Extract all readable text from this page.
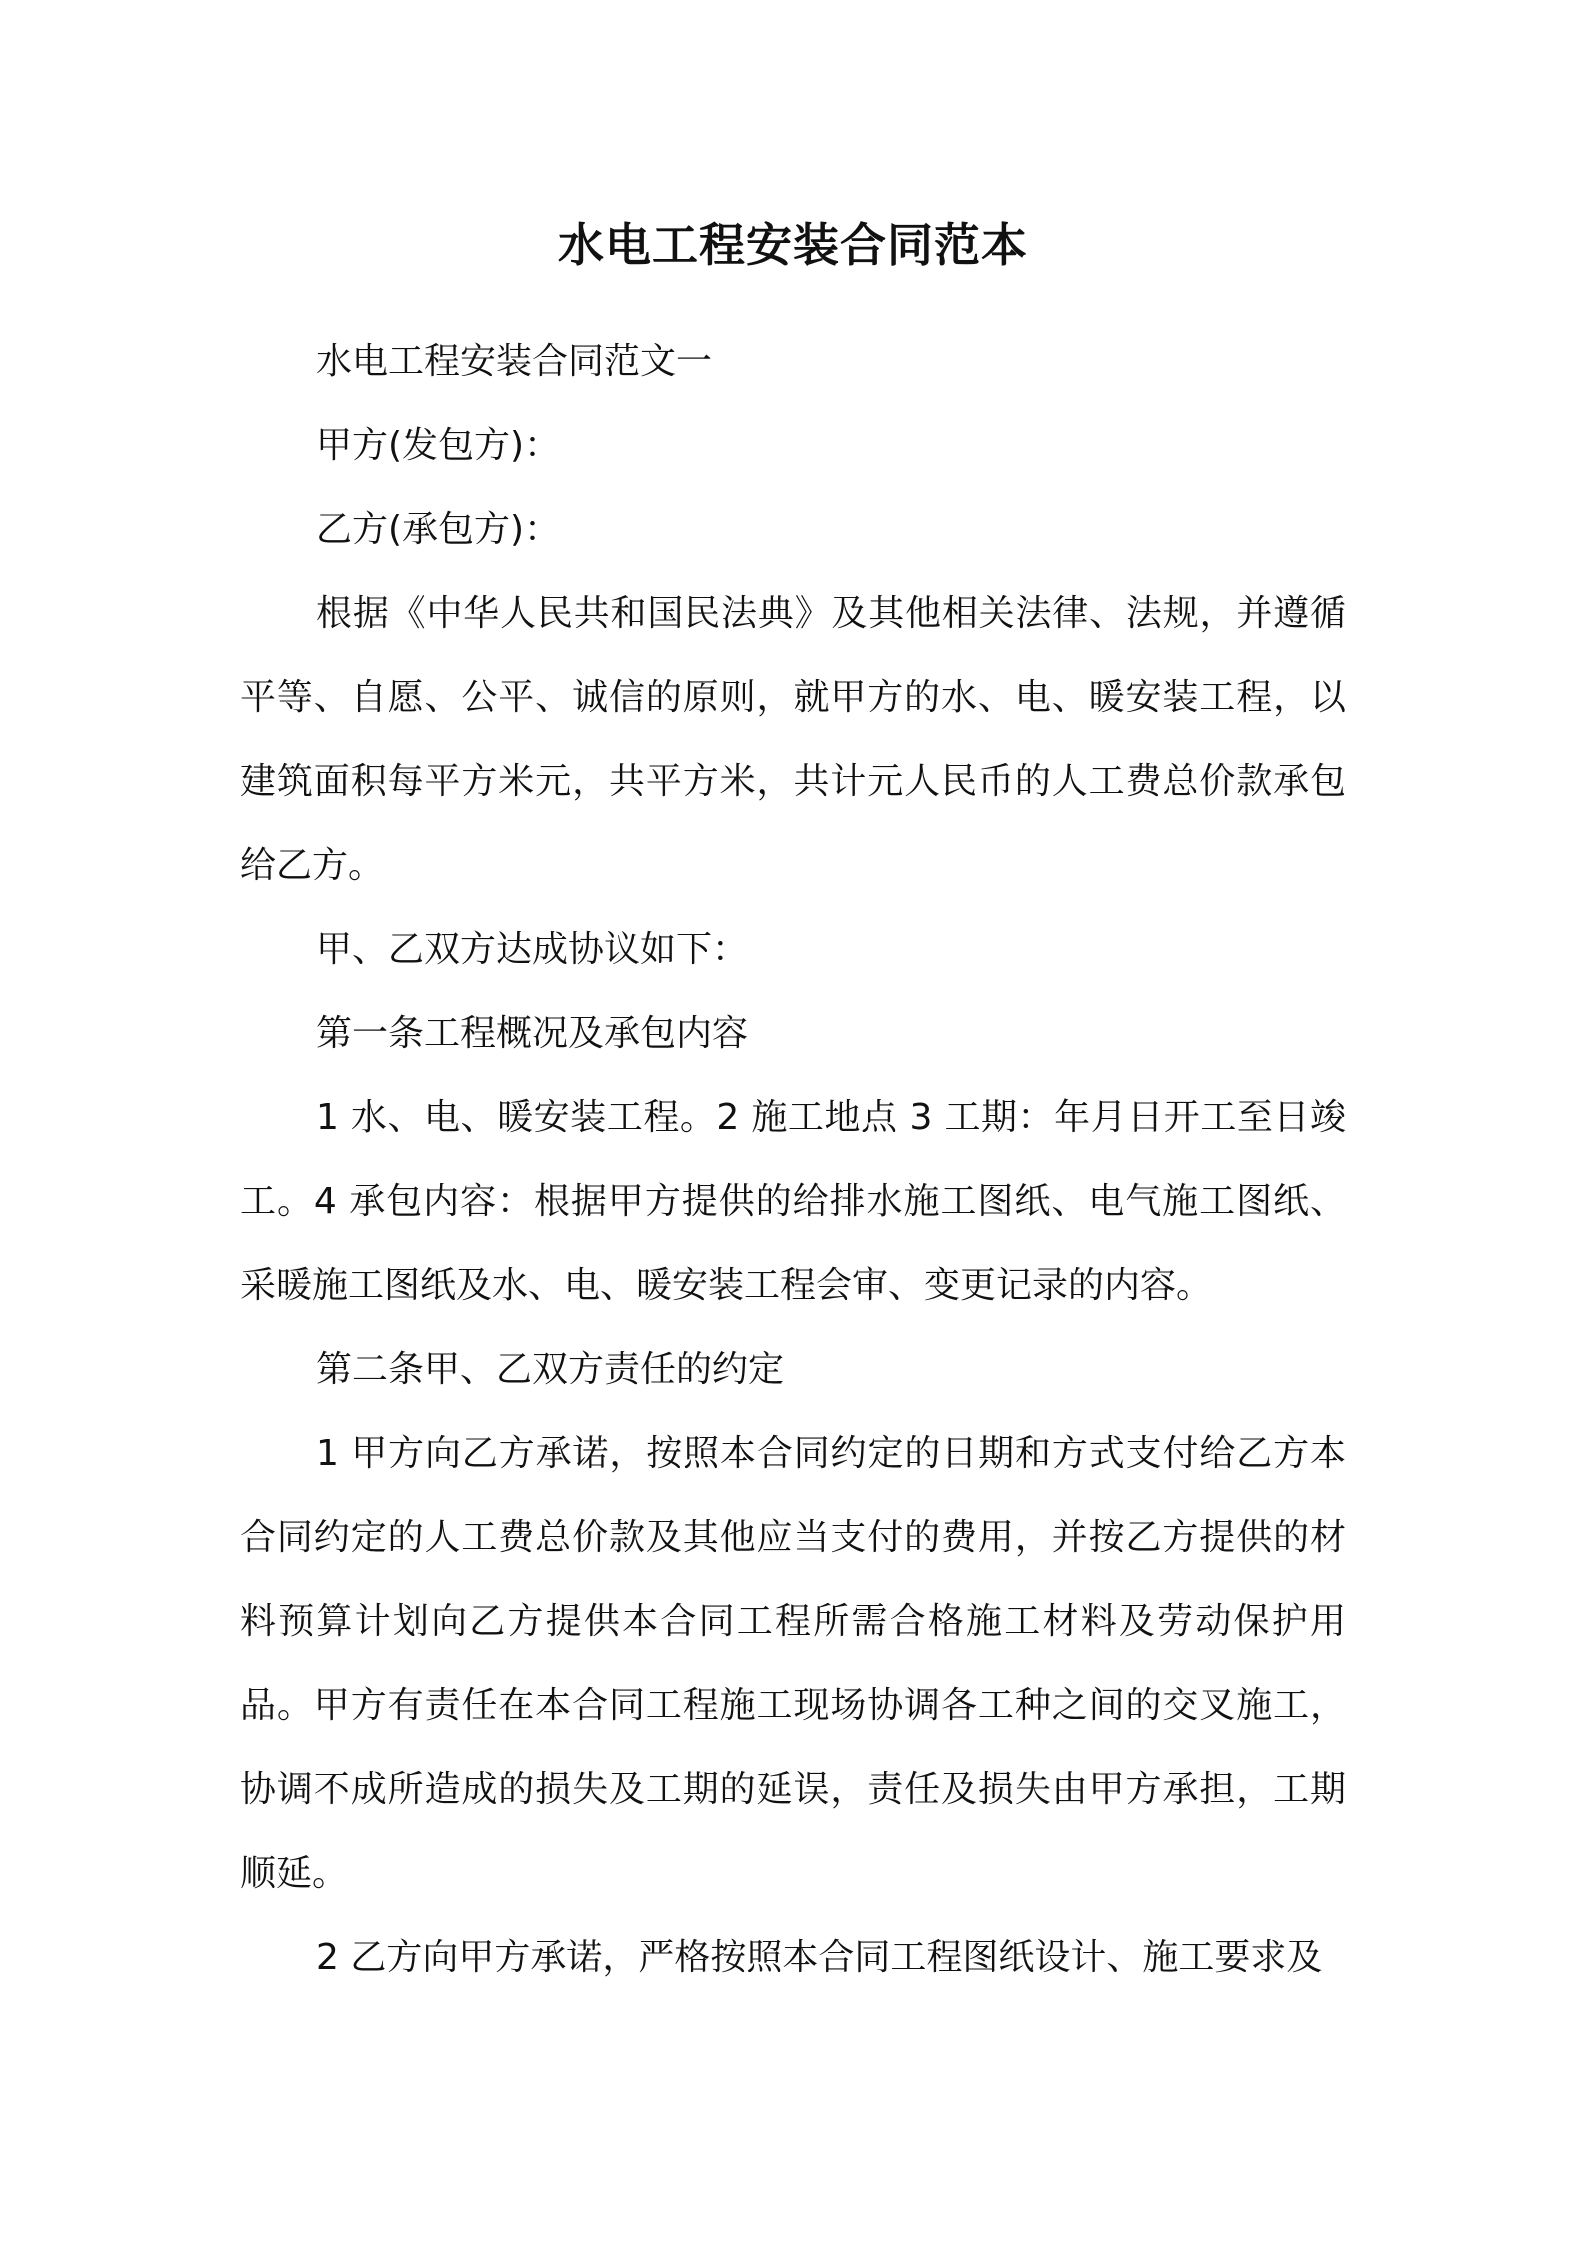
水电工程安装合同范本

水电工程安装合同范文一

甲方(发包方)：

乙方(承包方)：

根据《中华人民共和国民法典》及其他相关法律、法规，并遵循平等、自愿、公平、诚信的原则，就甲方的水、电、暖安装工程，以建筑面积每平方米元，共平方米，共计元人民币的人工费总价款承包给乙方。

甲、乙双方达成协议如下：

第一条工程概况及承包内容

1 水、电、暖安装工程。2 施工地点 3 工期：年月日开工至日竣工。4 承包内容：根据甲方提供的给排水施工图纸、电气施工图纸、采暖施工图纸及水、电、暖安装工程会审、变更记录的内容。

第二条甲、乙双方责任的约定

1 甲方向乙方承诺，按照本合同约定的日期和方式支付给乙方本合同约定的人工费总价款及其他应当支付的费用，并按乙方提供的材料预算计划向乙方提供本合同工程所需合格施工材料及劳动保护用品。甲方有责任在本合同工程施工现场协调各工种之间的交叉施工，协调不成所造成的损失及工期的延误，责任及损失由甲方承担，工期顺延。

2 乙方向甲方承诺，严格按照本合同工程图纸设计、施工要求及
